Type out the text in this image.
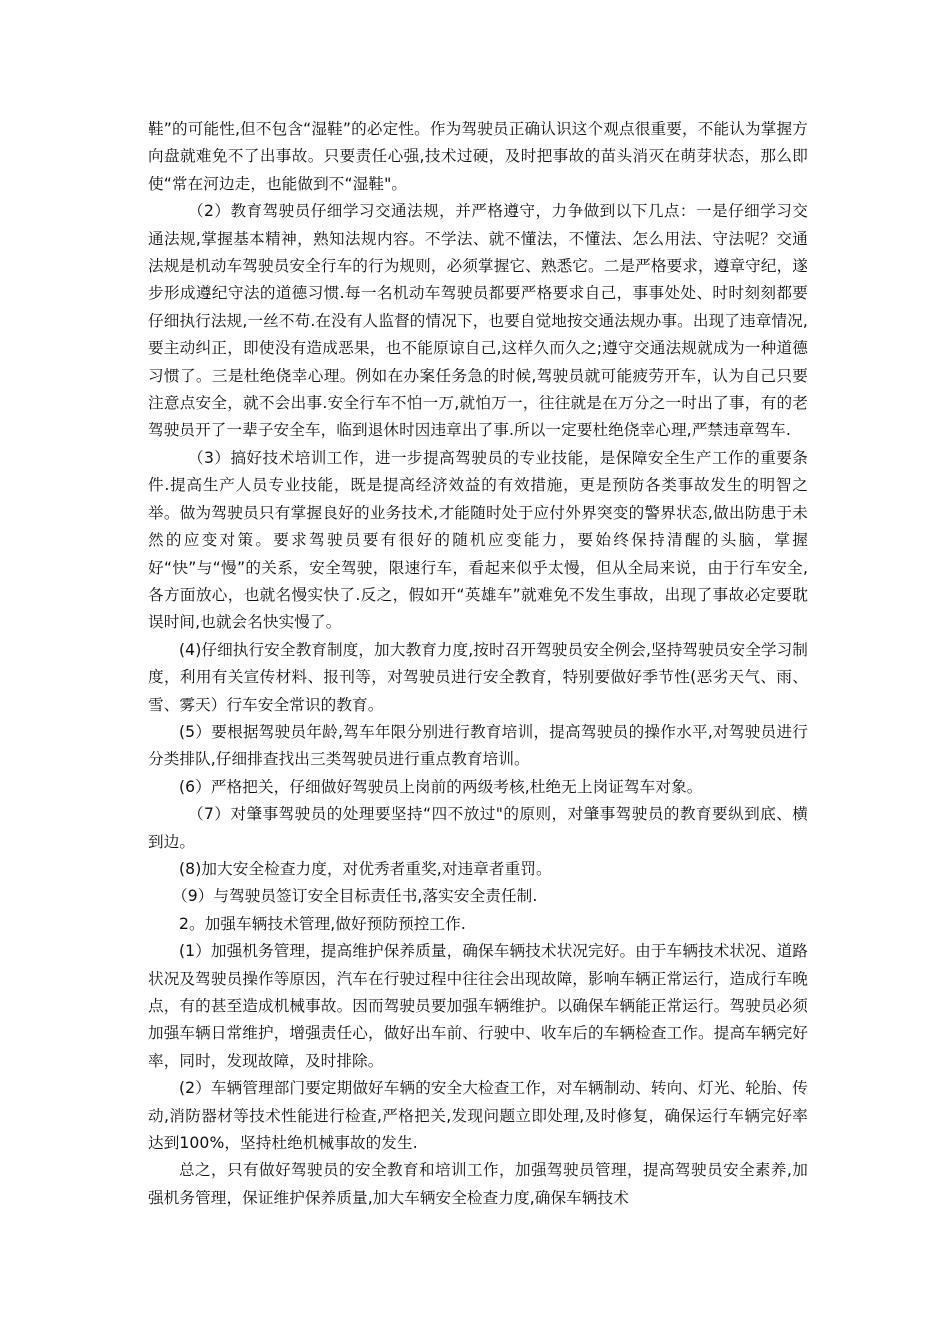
鞋”的可能性,但不包含“湿鞋”的必定性。作为驾驶员正确认识这个观点很重要，不能认为掌握方向盘就难免不了出事故。只要责任心强,技术过硬，及时把事故的苗头消灭在萌芽状态，那么即使“常在河边走，也能做到不“湿鞋"。

（2）教育驾驶员仔细学习交通法规，并严格遵守，力争做到以下几点：一是仔细学习交通法规,掌握基本精神，熟知法规内容。不学法、就不懂法，不懂法、怎么用法、守法呢？交通法规是机动车驾驶员安全行车的行为规则，必须掌握它、熟悉它。二是严格要求，遵章守纪，遂步形成遵纪守法的道德习惯.每一名机动车驾驶员都要严格要求自己，事事处处、时时刻刻都要仔细执行法规,一丝不苟.在没有人监督的情况下，也要自觉地按交通法规办事。出现了违章情况,要主动纠正，即使没有造成恶果，也不能原谅自己,这样久而久之;遵守交通法规就成为一种道德习惯了。三是杜绝侥幸心理。例如在办案任务急的时候,驾驶员就可能疲劳开车，认为自己只要注意点安全，就不会出事.安全行车不怕一万,就怕万一，往往就是在万分之一时出了事，有的老驾驶员开了一辈子安全车，临到退休时因违章出了事.所以一定要杜绝侥幸心理,严禁违章驾车.

（3）搞好技术培训工作，进一步提高驾驶员的专业技能，是保障安全生产工作的重要条件.提高生产人员专业技能，既是提高经济效益的有效措施，更是预防各类事故发生的明智之举。做为驾驶员只有掌握良好的业务技术,才能随时处于应付外界突变的警界状态,做出防患于未然的应变对策。要求驾驶员要有很好的随机应变能力，要始终保持清醒的头脑，掌握好“快”与“慢”的关系，安全驾驶，限速行车，看起来似乎太慢，但从全局来说，由于行车安全,各方面放心，也就名慢实快了.反之，假如开“英雄车”就难免不发生事故，出现了事故必定要耽误时间,也就会名快实慢了。

(4)仔细执行安全教育制度，加大教育力度,按时召开驾驶员安全例会,坚持驾驶员安全学习制度，利用有关宣传材料、报刊等，对驾驶员进行安全教育，特别要做好季节性(恶劣天气、雨、雪、雾天）行车安全常识的教育。

(5）要根据驾驶员年龄,驾车年限分别进行教育培训，提高驾驶员的操作水平,对驾驶员进行分类排队,仔细排查找出三类驾驶员进行重点教育培训。

(6）严格把关，仔细做好驾驶员上岗前的两级考核,杜绝无上岗证驾车对象。

（7）对肇事驾驶员的处理要坚持“四不放过"的原则，对肇事驾驶员的教育要纵到底、横到边。

(8)加大安全检查力度，对优秀者重奖,对违章者重罚。

（9）与驾驶员签订安全目标责任书,落实安全责任制.

2。加强车辆技术管理,做好预防预控工作.

(1）加强机务管理，提高维护保养质量，确保车辆技术状况完好。由于车辆技术状况、道路状况及驾驶员操作等原因，汽车在行驶过程中往往会出现故障，影响车辆正常运行，造成行车晚点，有的甚至造成机械事故。因而驾驶员要加强车辆维护。以确保车辆能正常运行。驾驶员必须加强车辆日常维护，增强责任心，做好出车前、行驶中、收车后的车辆检查工作。提高车辆完好率，同时，发现故障，及时排除。

(2）车辆管理部门要定期做好车辆的安全大检查工作，对车辆制动、转向、灯光、轮胎、传动,消防器材等技术性能进行检查,严格把关,发现问题立即处理,及时修复，确保运行车辆完好率达到100%，坚持杜绝机械事故的发生.

总之，只有做好驾驶员的安全教育和培训工作，加强驾驶员管理，提高驾驶员安全素养,加强机务管理，保证维护保养质量,加大车辆安全检查力度,确保车辆技术
